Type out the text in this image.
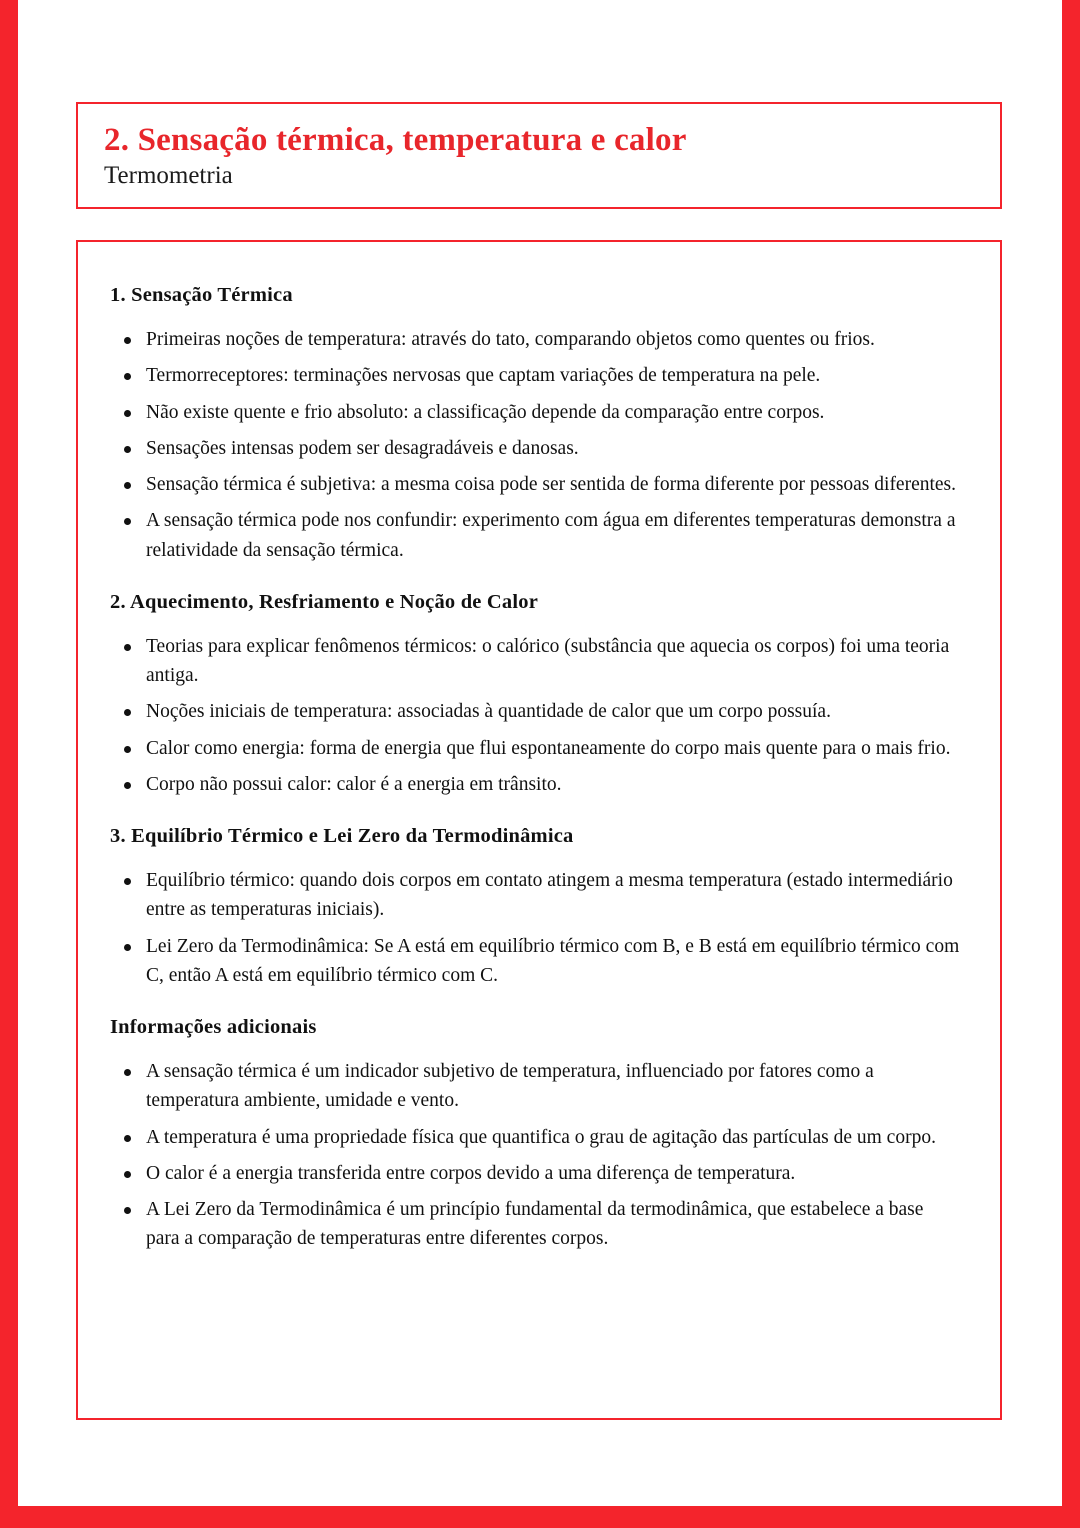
2. Sensação térmica, temperatura e calor

Termometria

1. Sensação Térmica
Primeiras noções de temperatura: através do tato, comparando objetos como quentes ou frios.
Termorreceptores: terminações nervosas que captam variações de temperatura na pele.
Não existe quente e frio absoluto: a classificação depende da comparação entre corpos.
Sensações intensas podem ser desagradáveis e danosas.
Sensação térmica é subjetiva: a mesma coisa pode ser sentida de forma diferente por pessoas diferentes.
A sensação térmica pode nos confundir: experimento com água em diferentes temperaturas demonstra a relatividade da sensação térmica.
2. Aquecimento, Resfriamento e Noção de Calor
Teorias para explicar fenômenos térmicos: o calórico (substância que aquecia os corpos) foi uma teoria antiga.
Noções iniciais de temperatura: associadas à quantidade de calor que um corpo possuía.
Calor como energia: forma de energia que flui espontaneamente do corpo mais quente para o mais frio.
Corpo não possui calor: calor é a energia em trânsito.
3. Equilíbrio Térmico e Lei Zero da Termodinâmica
Equilíbrio térmico: quando dois corpos em contato atingem a mesma temperatura (estado intermediário entre as temperaturas iniciais).
Lei Zero da Termodinâmica: Se A está em equilíbrio térmico com B, e B está em equilíbrio térmico com C, então A está em equilíbrio térmico com C.
Informações adicionais
A sensação térmica é um indicador subjetivo de temperatura, influenciado por fatores como a temperatura ambiente, umidade e vento.
A temperatura é uma propriedade física que quantifica o grau de agitação das partículas de um corpo.
O calor é a energia transferida entre corpos devido a uma diferença de temperatura.
A Lei Zero da Termodinâmica é um princípio fundamental da termodinâmica, que estabelece a base para a comparação de temperaturas entre diferentes corpos.
